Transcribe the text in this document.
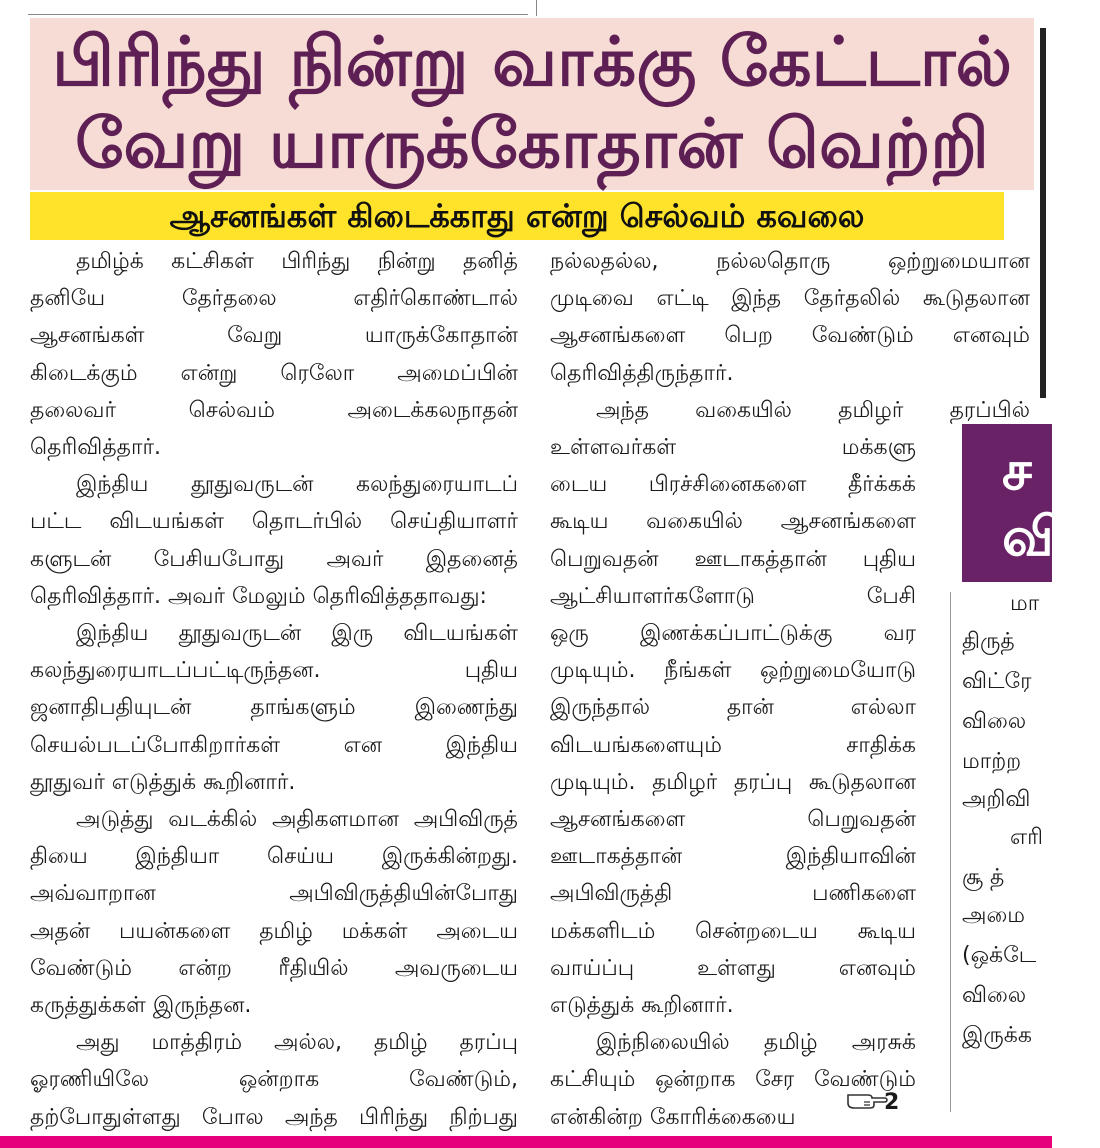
பிரிந்து நின்று வாக்கு கேட்டால்
வேறு யாருக்கோதான் வெற்றி
ஆசனங்கள் கிடைக்காது என்று செல்வம் கவலை
தமிழ்க் கட்சிகள் பிரிந்து நின்று தனித்
தனியே தேர்தலை எதிர்கொண்டால்
ஆசனங்கள் வேறு யாருக்கோதான்
கிடைக்கும் என்று ரெலோ அமைப்பின்
தலைவர் செல்வம் அடைக்கலநாதன்
தெரிவித்தார்.
இந்திய தூதுவருடன் கலந்துரையாடப்
பட்ட விடயங்கள் தொடர்பில் செய்தியாளர்
களுடன் பேசியபோது அவர் இதனைத்
தெரிவித்தார். அவர் மேலும் தெரிவித்ததாவது:
இந்திய தூதுவருடன் இரு விடயங்கள்
கலந்துரையாடப்பட்டிருந்தன. புதிய
ஜனாதிபதியுடன் தாங்களும் இணைந்து
செயல்படப்போகிறார்கள் என இந்திய
தூதுவர் எடுத்துக் கூறினார்.
அடுத்து வடக்கில் அதிகளமான அபிவிருத்
தியை இந்தியா செய்ய இருக்கின்றது.
அவ்வாறான அபிவிருத்தியின்போது
அதன் பயன்களை தமிழ் மக்கள் அடைய
வேண்டும் என்ற ரீதியில் அவருடைய
கருத்துக்கள் இருந்தன.
அது மாத்திரம் அல்ல, தமிழ் தரப்பு
ஓரணியிலே ஒன்றாக வேண்டும்,
தற்போதுள்ளது போல அந்த பிரிந்து நிற்பது
நல்லதல்ல, நல்லதொரு ஒற்றுமையான
முடிவை எட்டி இந்த தேர்தலில் கூடுதலான
ஆசனங்களை பெற வேண்டும் எனவும்
தெரிவித்திருந்தார்.
அந்த வகையில் தமிழர் தரப்பில்
உள்ளவர்கள் மக்களு
டைய பிரச்சினைகளை தீர்க்கக்
கூடிய வகையில் ஆசனங்களை
பெறுவதன் ஊடாகத்தான் புதிய
ஆட்சியாளர்களோடு பேசி
ஒரு இணக்கப்பாட்டுக்கு வர
முடியும். நீங்கள் ஒற்றுமையோடு
இருந்தால் தான் எல்லா
விடயங்களையும் சாதிக்க
முடியும். தமிழர் தரப்பு கூடுதலான
ஆசனங்களை பெறுவதன்
ஊடாகத்தான் இந்தியாவின்
அபிவிருத்தி பணிகளை
மக்களிடம் சென்றடைய கூடிய
வாய்ப்பு உள்ளது எனவும்
எடுத்துக் கூறினார்.
இந்நிலையில் தமிழ் அரசுக்
கட்சியும் ஒன்றாக சேர வேண்டும்
என்கின்ற கோரிக்கையை
ச
வி
மா
திருத்
விட்ரே
விலை
மாற்ற
அறிவி
எரி
சூ த்
அமை
(ஒக்டே
விலை
இருக்க
2
